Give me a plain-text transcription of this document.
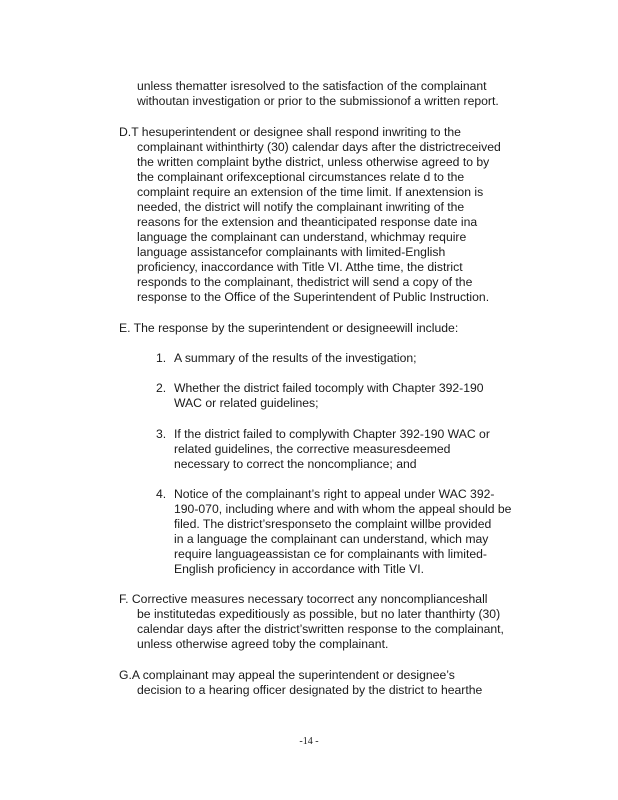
unless thematter isresolved to the satisfaction of the complainant
withoutan investigation or prior to the submissionof a written report.
D.T hesuperintendent or designee shall respond inwriting to the
complainant withinthirty (30) calendar days after the districtreceived
the written complaint bythe district, unless otherwise agreed to by
the complainant orifexceptional circumstances relate d to the
complaint require an extension of the time limit. If anextension is
needed, the district will notify the complainant inwriting of the
reasons for the extension and theanticipated response date ina
language the complainant can understand, whichmay require
language assistancefor complainants with limited-English
proficiency, inaccordance with Title VI. Atthe time, the district
responds to the complainant, thedistrict will send a copy of the
response to the Office of the Superintendent of Public Instruction.
E. The response by the superintendent or designeewill include:
1. A summary of the results of the investigation;
2. Whether the district failed tocomply with Chapter 392-190
WAC or related guidelines;
3. If the district failed to complywith Chapter 392-190 WAC or
related guidelines, the corrective measuresdeemed
necessary to correct the noncompliance; and
4. Notice of the complainant’s right to appeal under WAC 392-
190-070, including where and with whom the appeal should be
filed. The district’sresponseto the complaint willbe provided
in a language the complainant can understand, which may
require languageassistan ce for complainants with limited-
English proficiency in accordance with Title VI.
F. Corrective measures necessary tocorrect any noncomplianceshall
be institutedas expeditiously as possible, but no later thanthirty (30)
calendar days after the district’swritten response to the complainant,
unless otherwise agreed toby the complainant.
G.A complainant may appeal the superintendent or designee’s
decision to a hearing officer designated by the district to hearthe
-14 -
